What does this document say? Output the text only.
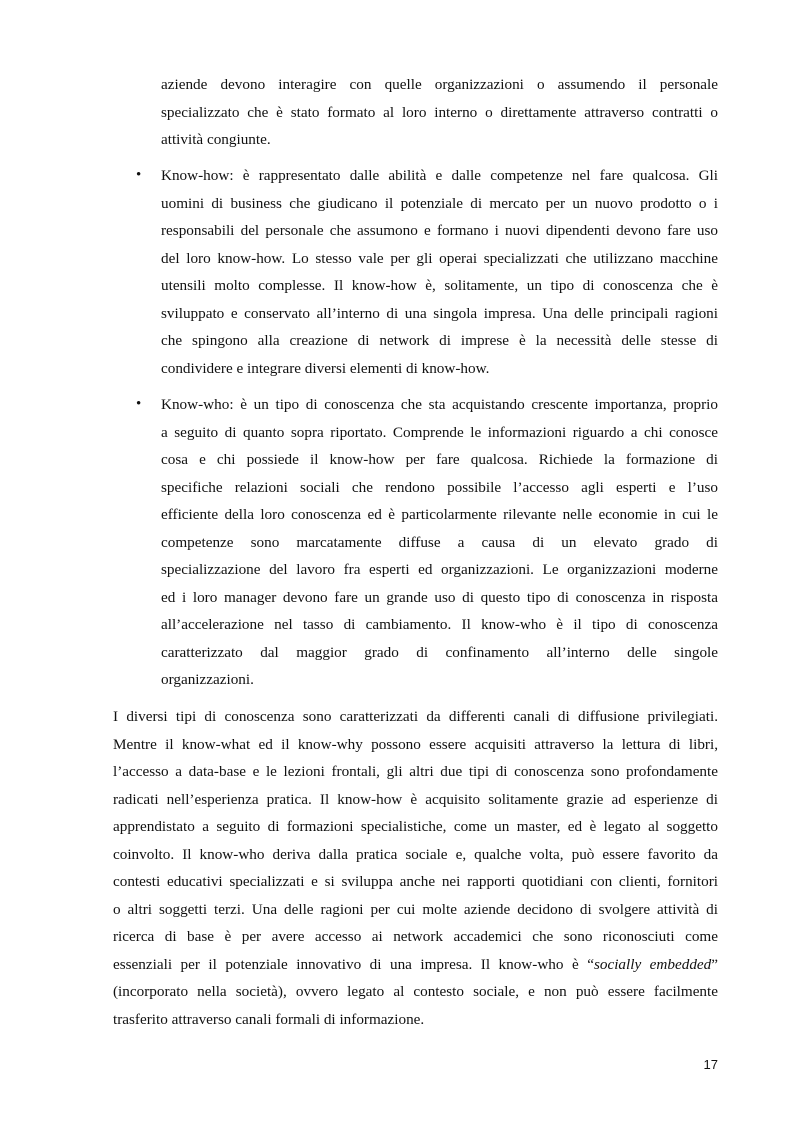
aziende devono interagire con quelle organizzazioni o assumendo il personale

specializzato che è stato formato al loro interno o direttamente attraverso contratti o

attività congiunte.

•	Know-how: è rappresentato dalle abilità e dalle competenze nel fare qualcosa. Gli

uomini di business che giudicano il potenziale di mercato per un nuovo prodotto o i

responsabili del personale che assumono e formano i nuovi dipendenti devono fare uso

del loro know-how. Lo stesso vale per gli operai specializzati che utilizzano macchine

utensili molto complesse. Il know-how è, solitamente, un tipo di conoscenza che è

sviluppato e conservato all’interno di una singola impresa. Una delle principali ragioni

che spingono alla creazione di network di imprese è la necessità delle stesse di

condividere e integrare diversi elementi di know-how.

•	Know-who: è un tipo di conoscenza che sta acquistando crescente importanza, proprio

a seguito di quanto sopra riportato. Comprende le informazioni riguardo a chi conosce

cosa e chi possiede il know-how per fare qualcosa. Richiede la formazione di

specifiche relazioni sociali che rendono possibile l’accesso agli esperti e l’uso

efficiente della loro conoscenza ed è particolarmente rilevante nelle economie in cui le

competenze sono marcatamente diffuse a causa di un elevato grado di

specializzazione del lavoro fra esperti ed organizzazioni. Le organizzazioni moderne

ed i loro manager devono fare un grande uso di questo tipo di conoscenza in risposta

all’accelerazione nel tasso di cambiamento. Il know-who è il tipo di conoscenza

caratterizzato dal maggior grado di confinamento all’interno delle singole

organizzazioni.

I diversi tipi di conoscenza sono caratterizzati da differenti canali di diffusione privilegiati.

Mentre il know-what ed il know-why possono essere acquisiti attraverso la lettura di libri,

l’accesso a data-base e le lezioni frontali, gli altri due tipi di conoscenza sono profondamente

radicati nell’esperienza pratica. Il know-how è acquisito solitamente grazie ad esperienze di

apprendistato a seguito di formazioni specialistiche, come un master, ed è legato al soggetto

coinvolto. Il know-who deriva dalla pratica sociale e, qualche volta, può essere favorito da

contesti educativi specializzati e si sviluppa anche nei rapporti quotidiani con clienti, fornitori

o altri soggetti terzi. Una delle ragioni per cui molte aziende decidono di svolgere attività di

ricerca di base è per avere accesso ai network accademici che sono riconosciuti come

essenziali per il potenziale innovativo di una impresa. Il know-who è “socially embedded”

(incorporato nella società), ovvero legato al contesto sociale, e non può essere facilmente

trasferito attraverso canali formali di informazione.

17
